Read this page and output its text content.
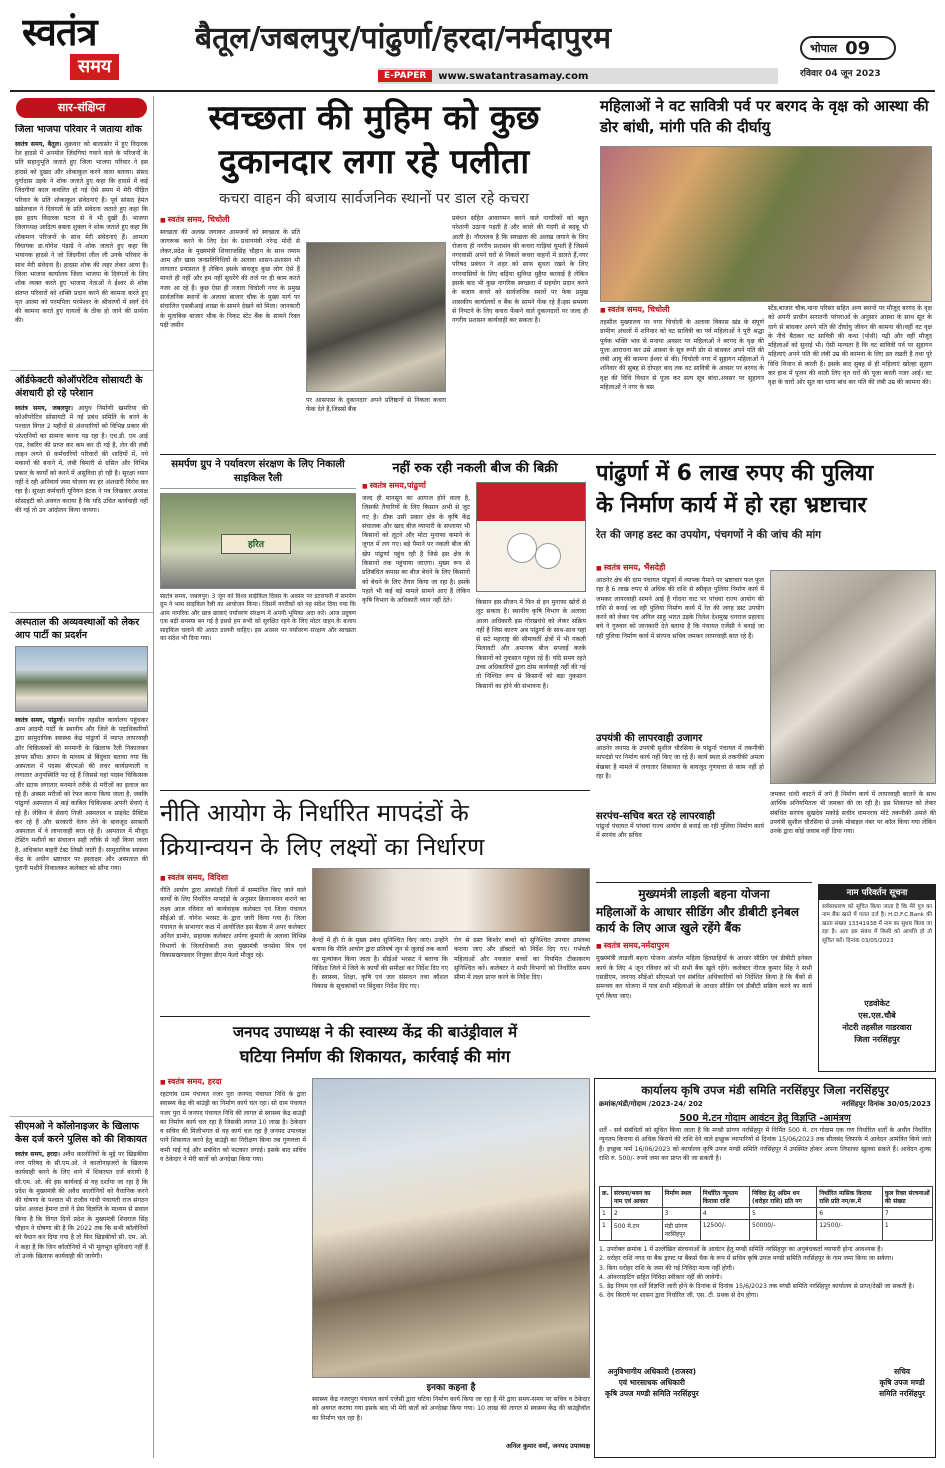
स्वतंत्र
समय
बैतूल/जबलपुर/पांढुर्णा/हरदा/नर्मदापुरम
E-PAPER	www.swatantrasamay.com
भोपाल 09
रविवार 04 जून 2023
सार-संक्षिप्त
जिला भाजपा परिवार ने जताया शोक
स्वतंत्र समय, बैतूल। शुक्रवार को बालासोर में हुए विदारक रेल हादसे में अनमोल जिंदगियां गवाने वाले के परिजनों के प्रति सहानुभूति जताते हुए जिला भाजपा परिवार ने इस हादसे को दुखद और शोकाकुल करने वाला बताया। संसद दुर्गादास उइके ने शोक जताते हुए कहा कि हादसे में कई जिंदगीयां काल कवलित हो गई ऐसे समय में मेरी पीड़ित परिवार के प्रति शोकाकुल संवेदनाएं हैं। पूर्व सांसद हेमंत खंडेलवाल ने दिवंगतों के प्रति संवेदना जताते हुए कहा कि इस हृदय विदारक घटना से वे भी दुखी हैं। भाजपा जिलाध्यक्ष आदित्य बबला शुक्ला ने शोक जताते हुए कहा कि शोकमग्न परिजनों के साथ मेरी संवेदनाएं हैं। आमला विधायक डा.योगेश पंडाग्रे ने शोक जताते हुए कहा कि भयानक हादसे ने जो जिंदगीयां लील ली उनके परिवार के साथ मेरी संवेदना है। हादसा शोक की लहर लेकर आया है। जिला भाजपा कार्यालय जिला भाजपा के दिवंगतों के लिए शोक व्यक्त करते हुए भाजपा नेताओं ने ईश्वर से शोक संतप्त परिवारों को शक्ति प्रदान करने की कामना करते हुए मृत आत्मा को परमपिता परमेश्वर के श्रीचरणों में स्वर्ग देने की कामना करते हुए घायलों के ठीक हो जाने की प्रार्थना की।
ऑर्डफेक्टरी कोऑपरेटिव सोसायटी के अंशधारी हो रहे परेशान
स्वतंत्र समय, जबलपुर। आयुध निर्माणी खमरिया की कोऑपरेटिव सोसायटी में नई प्रबंध समिति के बनने के पश्चात विगत 2 महीनों से अंशधारियों को विभिन्न प्रकार की परेशानियों का सामना करना पड़ रहा है। एच.डी. एम आई एस, रेकरिंग की प्राप्त कर कम कर दी गई है, लेन की लंबी लाइन लगने से कर्मचारियों परिवारों की शादियों में, नये मकानों की बनाने में, लंबी बिमारी से ग्रसित और विभिन्न प्रकार के कार्यों को करने में असुविधा हो रही है। सुरक्षा ध्यान नहीं दे रही अनिवार्य जमा योजना का हर अंशधारी विरोध कर रहा है। सुरक्षा कर्मचारी यूनियन इंटक ने पत्र लिखकर अध्यक्ष सोसाइटी को अवगत कराया है कि यदि उचित कार्यवाही नहीं की गई तो उन आंदोलन किया जायगा।
अस्पताल की अव्यवस्थाओं को लेकर आप पार्टी का प्रदर्शन
स्वतंत्र समय, पांढुर्णा। स्थानीय तहसील कार्यालय पहुंचकर आम आदमी पार्टी के स्थानीय और जिले के पदाधिकारियों द्वारा सामुदायिक स्वास्थ्य केंद्र पांढुर्णा में व्याप्त लापरवाही और चिकित्सकों की मनमानी के खिलाफ रैली निकालकर ज्ञापन सौंपा। ज्ञापन के माध्यम से बिंदुवार बताया गया कि अस्पताल में पदस्थ बीएमओ की लचर कार्यप्रणाली व लगातार अनुपस्थिति पद रहे हैं जिससे यहां पदस्थ चिकित्सक और स्टाफ लगातार मनमाने तरीके से मरीजों का इलाज कर रहे हैं। अक्सर मरीजों को रेफर करना किया जाता है, जबकि पांढुर्णा अस्पताल में कई काबिल चिकित्सक अपनी सेवाएं दे रहे हैं। लेकिन वे सेवाएं निजी अस्पताल व प्राइवेट प्रैक्टिस कर रहे हैं और सरकारी वेतन लेने के बावजूद सरकारी अस्पताल में वे लापरवाही बरत रहे हैं। अस्पताल में मौजूद टेस्टिंग मशीनों का संचालन सही तरीके से नहीं किया जाता है, अधिकांश बाहरी टेस्ट लिखी जाती हैं। सामुदायिक स्वास्थ्य केंद्र के अधीन भ्रष्टाचार पर हस्ताक्षर और अस्पताल की पुरानी मशीनें निकालकर कलेक्टर को सौंपा गया।
सीएमओ ने कॉलोनाइजर के खिलाफ केस दर्ज करने पुलिस को की शिकायत
स्वतंत्र समय, हरदा। अवैध कालोनियों के मुद्दे पर खिड़कीया नगर परिषद के सी.एम.ओ. ने कालोनाइजरों के खिलाफ कार्यवाही करने के लिए थाने में शिकायत दर्ज करायी है सी.एम. ओ. की इस कार्यवाई से यह दर्शाया जा रहा है कि प्रदेश के मुख्यमंत्री की अवैध कालोनियों को वैधानिक करने की घोषणा के पश्चात भी राजीव गांधी पंचायती राज संगठन प्रदेश अध्यक्ष हेमन्त टाले ने प्रेस विज्ञप्ति के माध्यम से सवाल किया है कि विगत दिनों प्रदेश के मुख्यमंत्री शिवराज सिंह चौहान ने घोषणा की है कि 2022 तक कि सभी कॉलोनियों को वैधान कर दिया गया है तो फिर खिड़कीयों सी. एम. ओ. ने कहा है कि जिन कॉलोनियों में भी मूलभूत सुविधाएं नहीं हैं तो उनके खिलाफ कार्यवाही की जायेगी।
स्वच्छता की मुहिम को कुछ
दुकानदार लगा रहे पलीता
कचरा वाहन की बजाय सार्वजनिक स्थानों पर डाल रहे कचरा
■ स्वतंत्र समय, चिचोली
स्वच्छता की अलख जगाकर आमजनों को स्वच्छता के प्रति जागरूक करने के लिए देश के प्रधानमंत्री नरेन्द्र मोदी से लेकर,प्रदेश के मुख्यमंत्री शिवराजसिंह चौहान के साथ तमाम आम और खास जनप्रतिनिधियों के अलावा शासन-प्रशासन भी लगातार प्रयासरत है लेकिन इसके बावजूद कुछ लोग ऐसे हैं मानते ही नहीं और हम नहीं सुधरेंगे की तर्ज पर ही काम करते नजर आ रहे हैं। कुछ ऐसा ही नजारा चिचोली नगर के प्रमुख सार्वजनिक स्थानों के अलावा बाजार चौक के मुख्य मार्ग पर संचालित एसबीआई शाखा के सामने देखने को मिला। जानकारी के मुताबिक बाजार चौक के निकट स्टेट बैंक के सामने रिक्त पड़ी जमीन
पर आसपास के दुकानदार अपने प्रतिष्ठानों से निकला कचरा फेंक देते हैं,जिससे बैंक
प्रबंधन सहित आवागमन करने वाले नागरिकों को बहुत परेशानी उठाना पड़ती है और कचरे की गंदगी से बदबू भी आती है। गौरतलब है कि स्वच्छता की अलख जगाने के लिए रोजाना ही नगरीय प्रशासन की कचरा गाड़ियां घूमती हैं जिसमें नगरवासी अपने घरों से निकले कचरा वाहनों में डालते हैं,नगर परिषद प्रबंधन ने शहर को साफ सुथरा रखने के लिए नगरवासियों के लिए बढ़िया सुविधा मुहैया करवाई है लेकिन इसके बाद भी कुछ नागरिक स्वच्छता में सहयोग प्रदान करने के बजाय कचरे को सार्वजनिक स्थलों पर फेक प्रमुख शासकीय कार्यालयों व बैंक के सामने फेंक रहे हैं।इस समस्या से निपटने के लिए कचरा फेंकने वाले दुकानदारों पर जल्द ही नगरीय प्रशासन कार्यवाही कर सकता है।
महिलाओं ने वट सावित्री पर्व पर बरगद के वृक्ष को आस्था की डोर बांधी, मांगी पति की दीर्घायु
■ स्वतंत्र समय, चिचोली
तहसील मुख्यालय पर नगर चिचोली के अलावा विकास खंड के संपूर्ण ग्रामीण अंचलों में शनिवार को वट सावित्री का पर्व महिलाओं ने पूरी श्रद्धा पूर्वक भक्ति भाव से मनाया अवसर पर महिलाओं ने बरगद के वृक्ष की पूजा आराधना कर उसे आस्था के सूत्र रूपी डोर से बांधकर अपने पति की लंबी आयु की कामना ईश्वर से की। चिचोली नगर में सुहागन महिलाओं ने शनिवार की सुबह से दोपहर बाद तक वट सावित्री के अवसर पर बरगद के वृक्ष की विधि विधान से पूजा कर सत्य सूत्र बांधा,अवसर पर सुहागन महिलाओं ने नगर के बस
स्टेंड,बाजार चौक,थाना परिसर सहित अन्य स्थानों पर मौजूद बरगद के वृक्ष को अपनी प्राचीन सनातनी परंपराओं के अनुसार आस्था के साथ सूत के धागे से बांधकर अपने पति की दीर्घायु जीवन की कामना की।वहीं वट वृक्ष के नीचे बैठकर वट सावित्री की कथा (पोथी) पढ़ी और वहीं मौजूद महिलाओं को सुनाई भी। ऐसी मान्यता है कि वट सावित्री पर्व पर सुहागन महिलाएं अपने पति की लंबी उम्र की कामना के लिए व्रत रखती है तथा पूरे विधि विधान से करती हैं। इसके बाद सुबह से ही महिलाएं खोल्हा सुहाग कर हाथ में पूजन की थाली लिए वृत धरों की पूजा करती नजर आई। वट वृक्ष के चारों ओर सूत का धागा बांध कर पति की लंबी उम्र की कामना की।
समर्पण ग्रुप ने पर्यावरण संरक्षण के लिए निकाली साइकिल रैली
हरित
स्वतंत्र समय, जबलपुर। 3 जून को विश्व साईकिल दिवस के अवसर पर डटरायनी में समर्पण ग्रुप ने भव्य साइकिल रैली का आयोजन किया। जिसमें नगरीकों को यह संदेश दिया गया कि आम नागरिक और छात्र छात्राएं पर्यावरण संरक्षण में अपनी भूमिका अदा करें। आज प्रदूषण एक बड़ी समस्या बन गई है इससे हम सभी को सुरक्षित रहने के लिए मोटर वाहन के बजाय साइकिल चलाने की आदत डालनी चाहिए। इस अवसर पर पर्यावरण संरक्षण और स्वच्छता का संदेश भी दिया गया।
नहीं रुक रही नकली बीज की बिक्री
■ स्वतंत्र समय,पांढुर्णा
जल्द ही मानसून का आगाज होने वाला है, जिसकी तैयारियों के लिए किसान अभी से जुट गए है। ठीक उसी प्रकार क्षेत्र के कृषि केंद्र संचालक और खाद बीज व्यापारी के सप्लायर भी किसानों को लूटने और मोटा मुनाफा कमाने के जुगत में लग गए। बड़े पैमाने पर नकली बीज की खेप पांढुर्णा पहुंच रही है जिसे इस क्षेत्र के किसानों तक पहुंचाया जाएगा। मुख्य रूप से प्रतिबंधित कपास का बीज बेचने के लिए किसानों को बेचने के लिए तैयार किया जा रहा है। इसके पहले भी कई बड़े मामले सामने आए हैं लेकिन कृषि विभाग के अधिकारी ध्यान नहीं देते।	किसान इस सीजन में फिर से इन मुनाफा खोरों से लूट सकता है। स्थानीय कृषि विभाग के अलावा आला अधिकारी इस गोरखधंधे को लेकर सक्रिय नहीं है जिस कारण अब पांढुर्णा के साथ-साथ यहां से सटे महाराष्ट्र की सीमावर्ती क्षेत्रों में भी नकली मिलावटी और अमानक बीज सप्लाई करके किसानों को नुकसान पहुंचा रहे हैं। यदि समय रहते उच्च अधिकारियों द्वारा ठोस कार्यवाही नहीं की गई तो निश्चित रूप से किसानों को बड़ा नुकसान किसानों का होने की संभावना है।
पांढुर्णा में 6 लाख रुपए की पुलिया
के निर्माण कार्य में हो रहा भ्रष्टाचार
रेत की जगह डस्ट का उपयोग, पंचगणों ने की जांच की मांग
■ स्वतंत्र समय, भैंसदेही
आठनेर क्षेत्र की ग्राम पंचायत पांढुर्णा में व्यापक पैमाने पर भ्रष्टाचार फल फूल रहा है 6 लाख रुपए से अधिक की राशि से स्वीकृत पुलिया निर्माण कार्य में जमकर लापरवाही सामने आई है गोदना घाट पर पांचवां राज्य आयोग की राशि से बनाई जा रही पुलिया निर्माण कार्य में रेत की जगह डस्ट उपयोग करने को लेकर पंच अनिल साहु भारत उड़के निलेश देशमुख धनराज प्रहलाद बघे ने गुरुवार को जानकारी देते बताया है कि पंचायत एजेंसी ने बनाई जा रही पुलिया निर्माण कार्य में संरपच सचिव जमकर लापरवाही बरत रहे हैं।
उपयंत्री की लापरवाही उजागर
आठनेर जनपद के उपयंत्री सुशील चौरसिया के पांढुर्ना पंचायत में तकनीकी मापदंडो पर निर्माण कार्य नहीं किए जा रहे हैं। कार्य स्थल से तकनीकी अमला बेखबर है मामले में लगातार शिकायत के बावजूद गुणवत्ता से काम नहीं हो रहा है।
सरपंच-सचिव बरत रहे लापरवाही
पांढुर्ना पंचायत में पांचवां राज्य आयोग से बनाई जा रही पुलिया निर्माण कार्य में सरपंच और सचिव
जमकर धांधी काटने में लगे हैं निर्माण कार्य में लापरवाही बरतने के साथ आर्थिक अनियमितता भी जमकर की जा रही है। इस शिकायत को लेकर संबंधित सरपंच सुखदेव मकोड़े सचीव वामनराव मोटे तकनीकी अमले की उपयंत्री सुशील चौरसिया से उनके मोबाइल नंबर पर कॉल किया गया लेकिन उनके द्वारा कोई जवाब नहीं दिया गया।
नीति आयोग के निर्धारित मापदंडों के
क्रियान्वयन के लिए लक्ष्यों का निर्धारण
■ स्वतंत्र समय, विदिशा
नीति आयोग द्वारा आकांक्षी जिलों में सम्मानित किए जाने वाले कार्यों के लिए निर्धारित मापदंडों के अनुसार क्रियान्वयन कराने का लक्ष्य आज रविवार को कार्यवाहक कलेक्टर एवं जिला पंचायत सीईओ डॉ. योगेश भरसट के द्वारा जारी किया गया है। जिला पंचायत के सभागार कक्ष में आयोजित इस बैठक में अपर कलेक्टर अनिल डामोर, सहायक कलेक्टर अर्पणा कुमारी के अलावा विभिन्न विभागों के जिलाधिकारी तथा मुख्यमंत्री जनसेवा मित्र एवं विकासखण्डवार नियुक्त डीएम फेलो मौजूद रहे।
केन्दों में ही रो के मुख्य प्रबंध सुनिश्चित किए जाएं। उन्होंने बताया कि नीति आयोग द्वारा प्रतिवर्ष जून से जुलाई तक कार्यों का मूल्यांकन किया जाता है। सीईओ भरसट ने बताया कि विदिशा जिले में जिले के कार्यों की समीक्षा कर निर्देश दिए गए हैं। स्वास्थ्य, शिक्षा, कृषि एवं जल संसाधन तथा कौशल विकास के सूचकांकों पर बिंदुवार निर्देश दिए गए।
रोग से ग्रस्त किशोर बच्चों को सुनिश्चित उपचार उपलब्ध कराया जाए और डॉक्टरों को निर्देश दिए गए। गर्भवती महिलाओं और नवजात बच्चों का नियमित टीकाकरण सुनिश्चित करें। कलेक्टर ने सभी विभागों को निर्धारित समय सीमा में लक्ष्य प्राप्त करने के निर्देश दिए।
मुख्यमंत्री लाड़ली बहना योजना
महिलाओं के आधार सीडिंग और डीबीटी इनेबल कार्य के लिए आज खुले रहेंगे बैंक
■ स्वतंत्र समय,नर्मदापुरम
मुख्यमंत्री लाड़ली बहना योजना अंतर्गत महिला हितग्राहियों के आधार सीडिंग एवं डीबीटी इनेबल कार्य के लिए 4 जून रविवार को भी सभी बैंक खुले रहेंगे। कलेक्टर नीरज कुमार सिंह ने सभी एसडीएम, जनपद सीईओ सीएमओ एवं संबंधित अधिकारियों को निर्देशित किया है कि बैंकों से समन्वय कर योजना में पात्र सभी महिलाओं के आधार सीडिंग एवं डीबीटी सक्रिय करने का कार्य पूर्ण किया जाए।
नाम परिवर्तन सूचना
सर्वसाधारण को सूचित किया जाता है कि मेरे पुत्र का नाम बैंक खाते में गलत दर्ज है। H.D.F.C.Bank की खाता संख्या 13341938 में नाम का सुधार किया जा रहा है। अतः इस संबंध में किसी को आपत्ति हो तो सूचित करें। दिनांक 03/05/2023
एडवोकेट
एस.एल.चौबे
नोटरी तहसील गाडरवारा
जिला नरसिंहपुर
जनपद उपाध्यक्ष ने की स्वास्थ्य केंद्र की बाउंड्रीवाल में
घटिया निर्माण की शिकायत, कार्रवाई की मांग
■ स्वतंत्र समय, हरदा
रहटगांव ग्राम पंचायत नजर पुरा जनपद पंचायत निधि के द्वारा स्वास्थ्य केंद्र की बाउंड्री का निर्माण कार्य चल रहा। सो ग्राम पंचायत नजर पुरा में जनपद पंचायत निधि की लागत से स्वास्थ्य केंद्र बाउंड्री का निर्माण कार्य चल रहा है जिसकी लागत 10 लाख है। ठेकेदार व सचिव की मिलीभगत से यह कार्य चल रहा है जनपद उपाध्यक्ष पाने शिकायत करने हेतु बाउंड्री का निरीक्षण किया तब गुणवत्ता में कमी पाई गई और सबंधित को फटकार लगाई। इसके बाद सचिव व ठेकेदार ने मेरी बातों को अनदेखा किया गया।
इनका कहना है
स्वास्थ्य केंद्र नजरपुरा पंचायत कार्य एजेंसी द्वारा घटिया निर्माण कार्य किया जा रहा है मेरे द्वारा समय-समय पर सचिव व ठेकेदार को अवगत कराया गया इसके बाद भी मेरी बातों को अनदेखा किया गया। 10 लाख की लागत से स्वास्थ्य केंद्र की बाउंड्रीवॉल का निर्माण चल रहा है।
अनिल कुमार वर्मा, जनपद उपाध्यक्ष
कार्यालय कृषि उपज मंडी समिति नरसिंहपुर जिला नरसिंहपुर
क्रमांक/मंडी/गोदाम /2023-24/ 202	नरसिंहपुर दिनांक 30/05/2023
500 मे.टन गोदाम आवंटन हेतु विज्ञप्ति -आमंत्रण
शर्तें - सर्व संबंधितों को सूचित किया जाता है कि मण्डी प्रांगण नरसिंहपुर में निर्मित 500 मे. टन गोदाम एक गण निर्धारित शर्तों के अधीन निर्धारित न्यूनतम किराया से अधिक किराये की राशि देने वाले इच्छुक व्यापारियों से दिनांक 15/06/2023 तक सीलबंद लिफाफे में आवेदन आमंत्रित किये जाते हैं। इच्छुक फर्म 16/06/2023 को कार्यालय कृषि उपज मण्डी समिति नरसिंहपुर में उपस्थित होकर अपना लिफाफा खुलवा सकते हैं। आवेदन शुल्क राशि रु. 500/- रुपये जमा कर प्राप्त की जा सकती है।
क्र.	संरचना/भवन का नाम एवं आकार	निर्माण स्थल	निर्धारित न्यूनतम किराया राशि	निविदा हेतु अग्रिम धन (धरोहर राशि) प्रति नग	निर्धारित मासिक किराया राशि प्रति नग/रू.में	कुल रिक्त संरचनाओं की संख्या
1	2	3	4	5	6	7
1	500 मे.टन	मंडी प्रांगण नरसिंहपुर	12500/-	50000/-	12500/-	1
1. उपरोक्त क्रमांक 1 में उल्लेखित संरचनाओं के आवंटन हेतु मण्डी समिति नरसिंहपुर का अनुबंधकर्ता व्यापारी होना आवश्यक है।
2. धरोहर राशि नगद या बैंक ड्राफ्ट या बैंकर्स चैक के रूप में सचिव कृषि उपज मण्डी समिति नरसिंहपुर के नाम जमा किया जा सकेगा।
3. बिना धरोहर राशि के जमा की गई निविदा मान्य नहीं होगी।
4. ओवरराइटिंग सहित निविदा स्वीकार नहीं की जावेगी।
5. डेढ़ नियम एवं शर्तें विज्ञप्ति जारी होने के दिनांक से दिनांक 15/6/2023 तक मण्डी समिति नरसिंहपुर कार्यालय से प्राप्त/देखी जा सकती है।
6. देय किराये पर शासन द्वारा निर्धारित जी. एस. टी. प्रथक से देय होगा।
अनुविभागीय अधिकारी (राजस्व)
एवं भारसाधक अधिकारी
कृषि उपज मण्डी समिति नरसिंहपुर
सचिव
कृषि उपज मण्डी
समिति नरसिंहपुर
